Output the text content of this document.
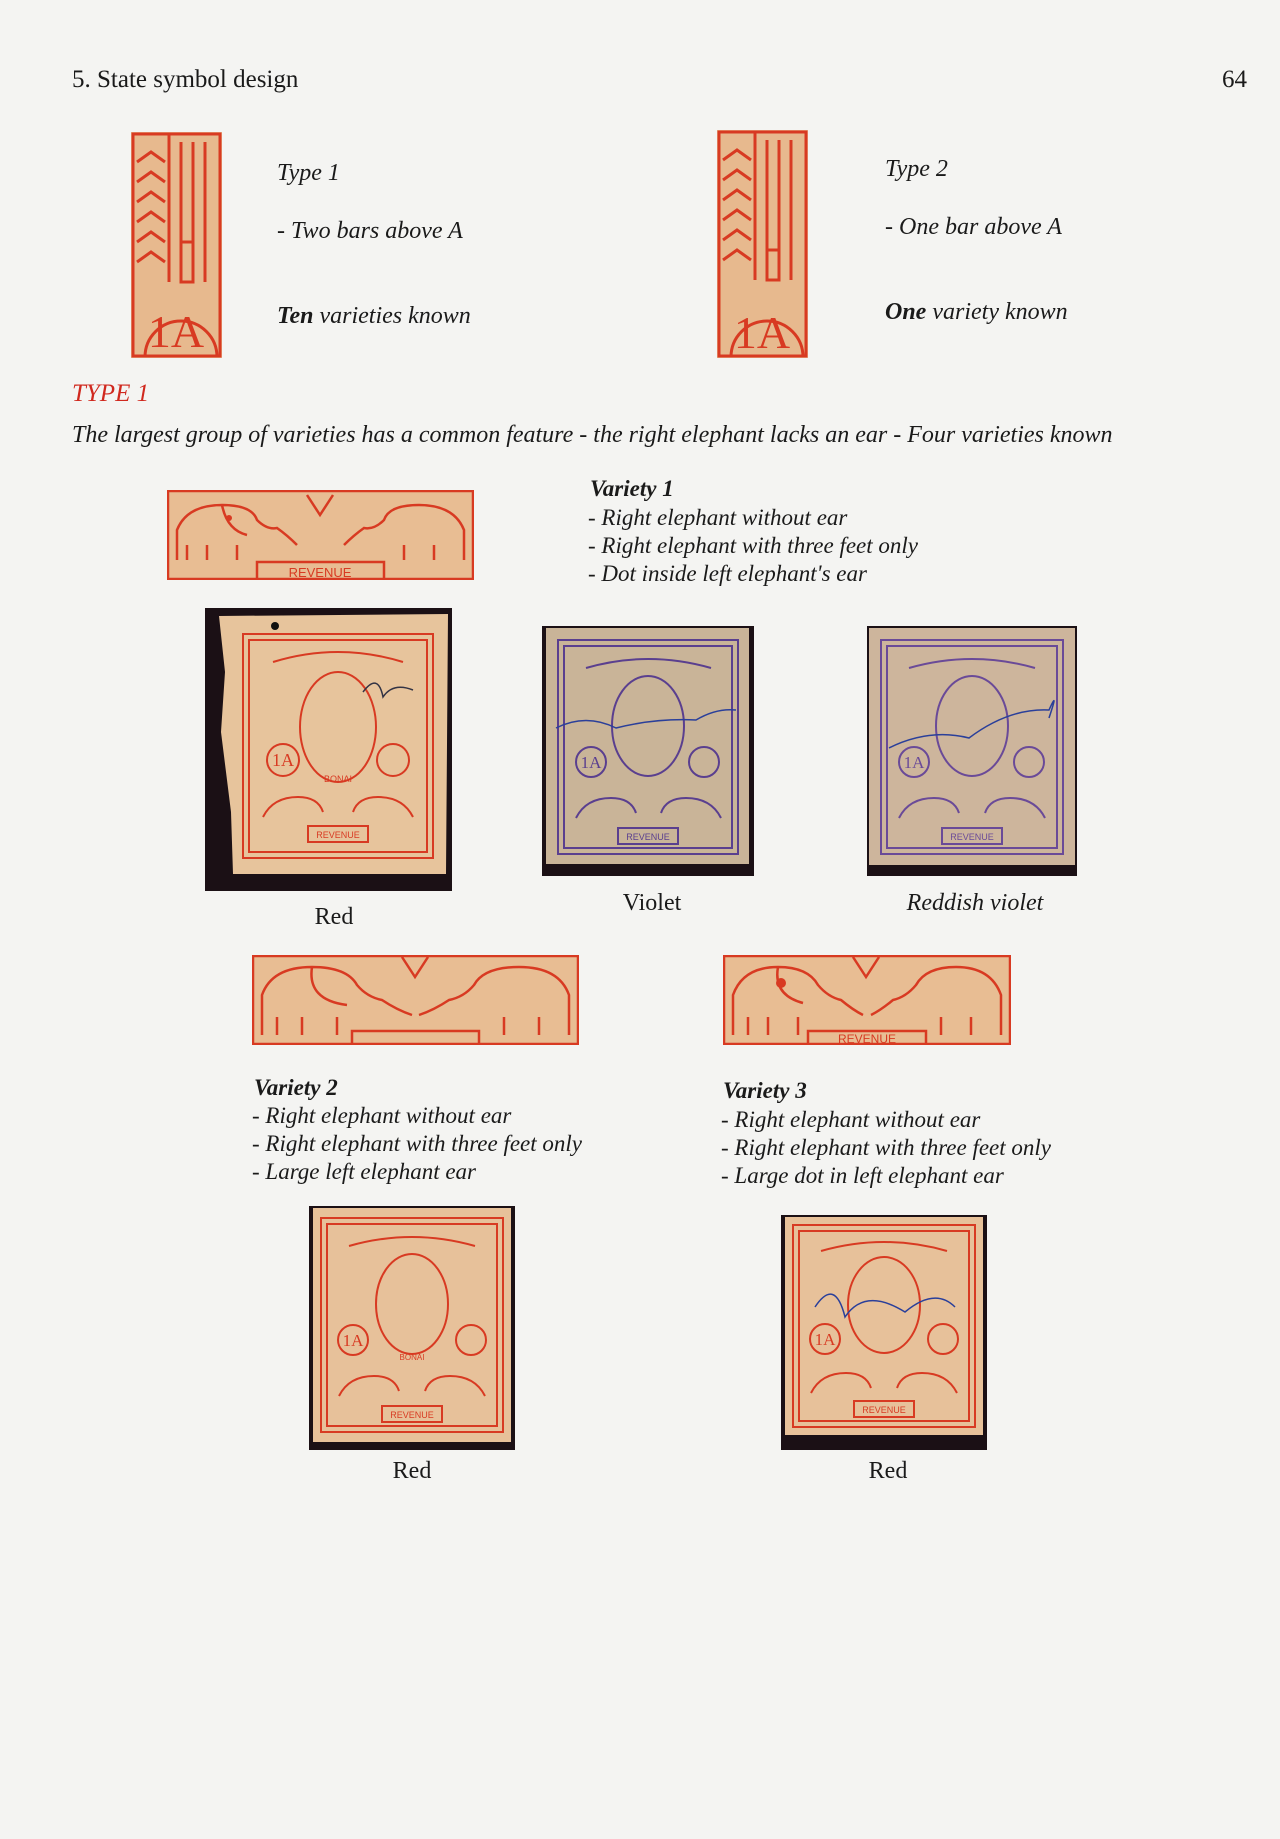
5. State symbol design	64
1A
Type 1
- Two bars above A
Ten varieties known	1A
Type 2
- One bar above A
One variety known
TYPE 1
The largest group of varieties has a common feature - the right elephant lacks an ear - Four varieties known
REVENUE
Variety 1
- Right elephant without ear
- Right elephant with three feet only
- Dot inside left elephant's ear
1A
REVENUE
BONAI
Red
1A
REVENUE
Violet
1A
REVENUE
Reddish violet
REVENUE
Variety 2
- Right elephant without ear
- Right elephant with three feet only
- Large left elephant ear
Variety 3
- Right elephant without ear
- Right elephant with three feet only
- Large dot in left elephant ear
1A
REVENUE
BONAI
Red
1A
REVENUE
Red
